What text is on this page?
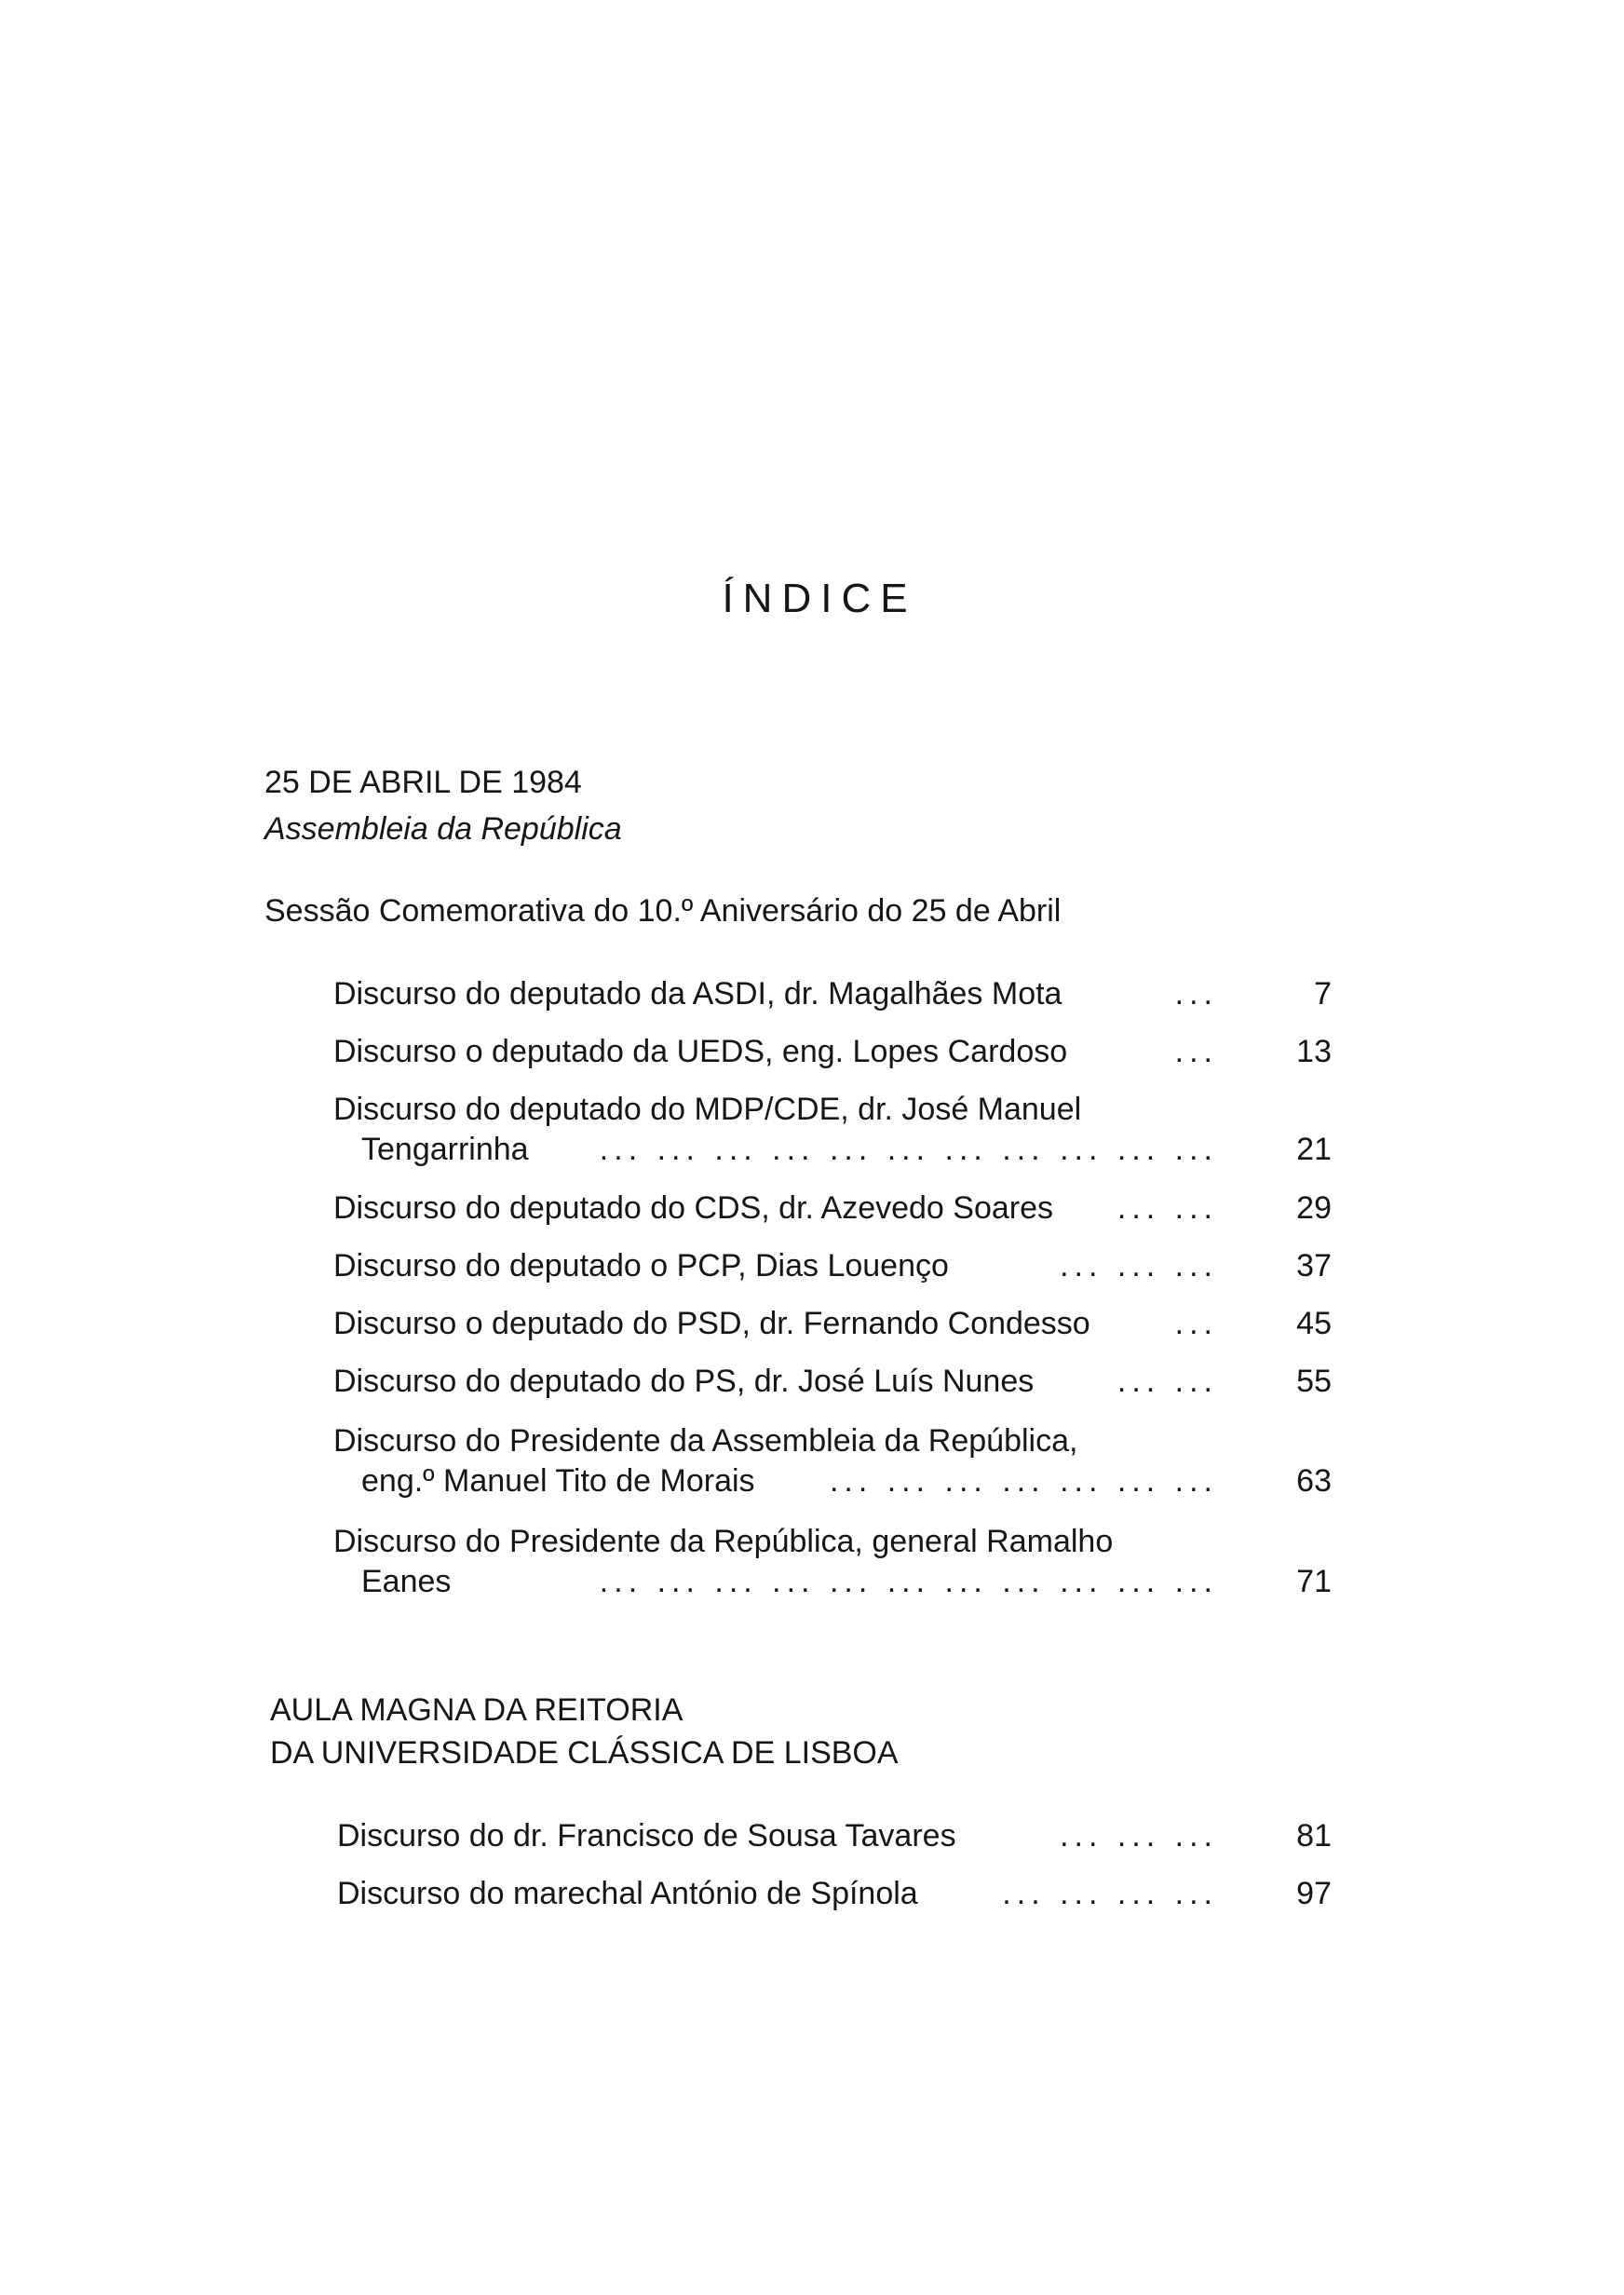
ÍNDICE
25 DE ABRIL DE 1984
Assembleia da República
Sessão Comemorativa do 10.º Aniversário do 25 de Abril
Discurso do deputado da ASDI, dr. Magalhães Mota	...	7
Discurso o deputado da UEDS, eng. Lopes Cardoso	...	13
Discurso do deputado do MDP/CDE, dr. José Manuel
Tengarrinha	... ... ... ... ... ... ... ... ... ... ...	21
Discurso do deputado do CDS, dr. Azevedo Soares	... ...	29
Discurso do deputado o PCP, Dias Louenço	... ... ...	37
Discurso o deputado do PSD, dr. Fernando Condesso	...	45
Discurso do deputado do PS, dr. José Luís Nunes	... ...	55
Discurso do Presidente da Assembleia da República,
eng.º Manuel Tito de Morais	... ... ... ... ... ... ...	63
Discurso do Presidente da República, general Ramalho
Eanes	... ... ... ... ... ... ... ... ... ... ...	71
AULA MAGNA DA REITORIA
DA UNIVERSIDADE CLÁSSICA DE LISBOA
Discurso do dr. Francisco de Sousa Tavares	... ... ...	81
Discurso do marechal António de Spínola	... ... ... ...	97
